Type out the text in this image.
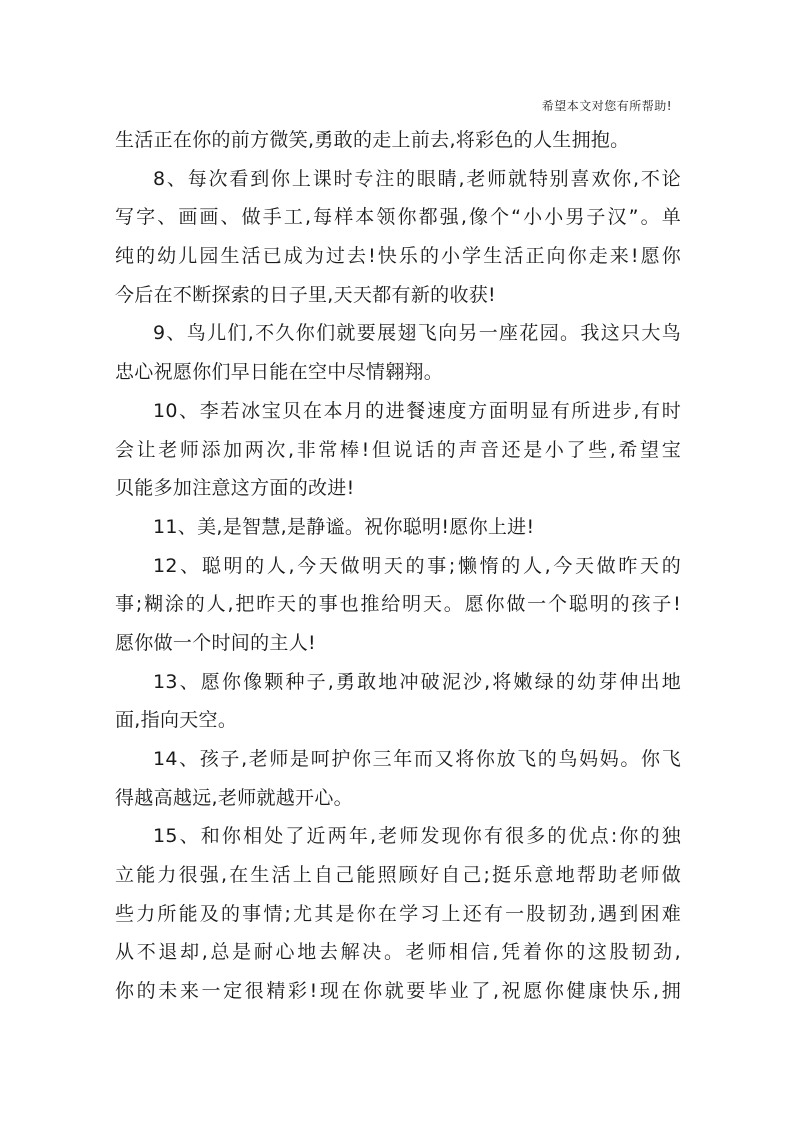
希望本文对您有所帮助!
生活正在你的前方微笑,勇敢的走上前去,将彩色的人生拥抱。
8、每次看到你上课时专注的眼睛,老师就特别喜欢你,不论
写字、画画、做手工,每样本领你都强,像个“小小男子汉”。单
纯的幼儿园生活已成为过去!快乐的小学生活正向你走来!愿你
今后在不断探索的日子里,天天都有新的收获!
9、鸟儿们,不久你们就要展翅飞向另一座花园。我这只大鸟
忠心祝愿你们早日能在空中尽情翱翔。
10、李若冰宝贝在本月的进餐速度方面明显有所进步,有时
会让老师添加两次,非常棒!但说话的声音还是小了些,希望宝
贝能多加注意这方面的改进!
11、美,是智慧,是静谧。祝你聪明!愿你上进!
12、聪明的人,今天做明天的事;懒惰的人,今天做昨天的
事;糊涂的人,把昨天的事也推给明天。愿你做一个聪明的孩子!
愿你做一个时间的主人!
13、愿你像颗种子,勇敢地冲破泥沙,将嫩绿的幼芽伸出地
面,指向天空。
14、孩子,老师是呵护你三年而又将你放飞的鸟妈妈。你飞
得越高越远,老师就越开心。
15、和你相处了近两年,老师发现你有很多的优点:你的独
立能力很强,在生活上自己能照顾好自己;挺乐意地帮助老师做
些力所能及的事情;尤其是你在学习上还有一股韧劲,遇到困难
从不退却,总是耐心地去解决。老师相信,凭着你的这股韧劲,
你的未来一定很精彩!现在你就要毕业了,祝愿你健康快乐,拥
